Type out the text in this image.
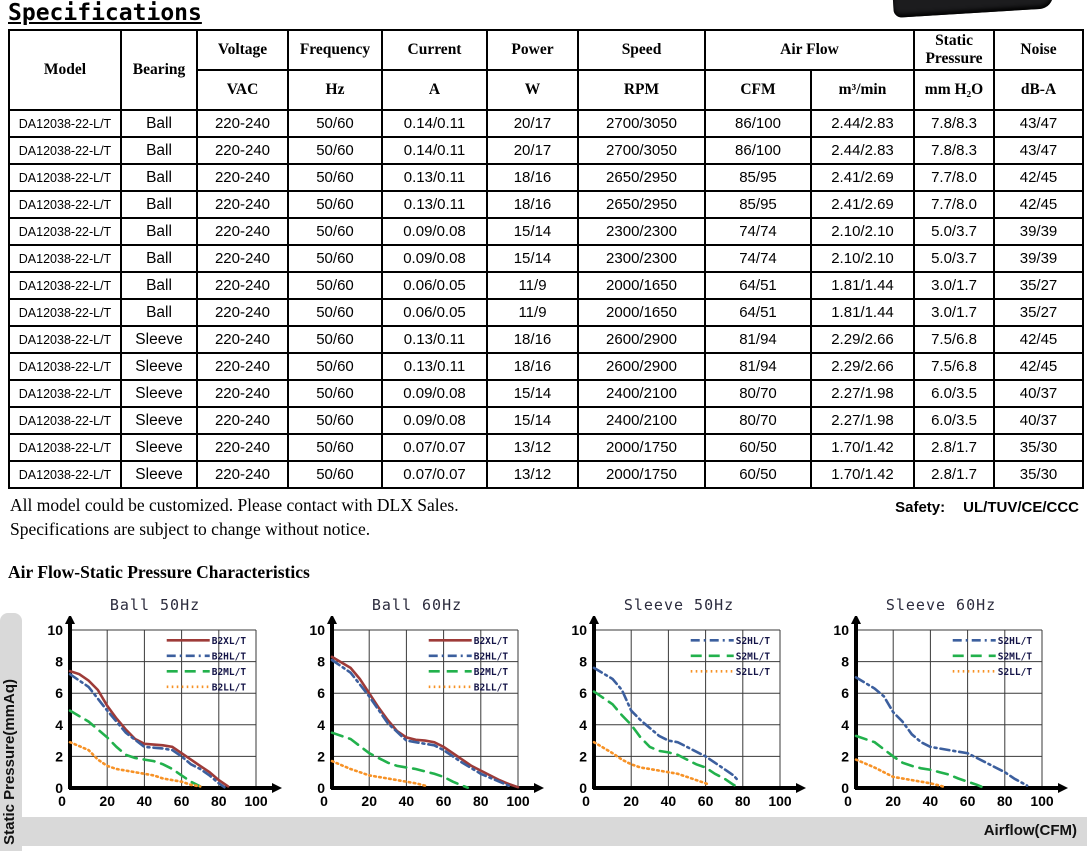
Specifications
Model	Bearing	Voltage	Frequency	Current	Power	Speed	Air Flow		Static Pressure	Noise
		VAC	Hz	A	W	RPM	CFM	m³/min	mm H₂O	dB-A
DA12038-22-L/T	Ball	220-240	50/60	0.14/0.11	20/17	2700/3050	86/100	2.44/2.83	7.8/8.3	43/47
DA12038-22-L/T	Ball	220-240	50/60	0.14/0.11	20/17	2700/3050	86/100	2.44/2.83	7.8/8.3	43/47
DA12038-22-L/T	Ball	220-240	50/60	0.13/0.11	18/16	2650/2950	85/95	2.41/2.69	7.7/8.0	42/45
DA12038-22-L/T	Ball	220-240	50/60	0.13/0.11	18/16	2650/2950	85/95	2.41/2.69	7.7/8.0	42/45
DA12038-22-L/T	Ball	220-240	50/60	0.09/0.08	15/14	2300/2300	74/74	2.10/2.10	5.0/3.7	39/39
DA12038-22-L/T	Ball	220-240	50/60	0.09/0.08	15/14	2300/2300	74/74	2.10/2.10	5.0/3.7	39/39
DA12038-22-L/T	Ball	220-240	50/60	0.06/0.05	11/9	2000/1650	64/51	1.81/1.44	3.0/1.7	35/27
DA12038-22-L/T	Ball	220-240	50/60	0.06/0.05	11/9	2000/1650	64/51	1.81/1.44	3.0/1.7	35/27
DA12038-22-L/T	Sleeve	220-240	50/60	0.13/0.11	18/16	2600/2900	81/94	2.29/2.66	7.5/6.8	42/45
DA12038-22-L/T	Sleeve	220-240	50/60	0.13/0.11	18/16	2600/2900	81/94	2.29/2.66	7.5/6.8	42/45
DA12038-22-L/T	Sleeve	220-240	50/60	0.09/0.08	15/14	2400/2100	80/70	2.27/1.98	6.0/3.5	40/37
DA12038-22-L/T	Sleeve	220-240	50/60	0.09/0.08	15/14	2400/2100	80/70	2.27/1.98	6.0/3.5	40/37
DA12038-22-L/T	Sleeve	220-240	50/60	0.07/0.07	13/12	2000/1750	60/50	1.70/1.42	2.8/1.7	35/30
DA12038-22-L/T	Sleeve	220-240	50/60	0.07/0.07	13/12	2000/1750	60/50	1.70/1.42	2.8/1.7	35/30
All model could be customized. Please contact with DLX Sales.
Specifications are subject to change without notice.
Safety: UL/TUV/CE/CCC
Air Flow-Static Pressure Characteristics
Airflow(CFM)
Static Pressure(mmAq)
Ball 50Hz
0
2
4
6
8
10
0 20 40 60 80 100
B2XL/T
B2HL/T
B2ML/T
B2LL/T
Ball 60Hz
0
2
4
6
8
10
0 20 40 60 80 100
B2XL/T
B2HL/T
B2ML/T
B2LL/T
Sleeve 50Hz
0
2
4
6
8
10
0 20 40 60 80 100
S2HL/T
S2ML/T
S2LL/T
Sleeve 60Hz
0
2
4
6
8
10
0 20 40 60 80 100
S2HL/T
S2ML/T
S2LL/T
